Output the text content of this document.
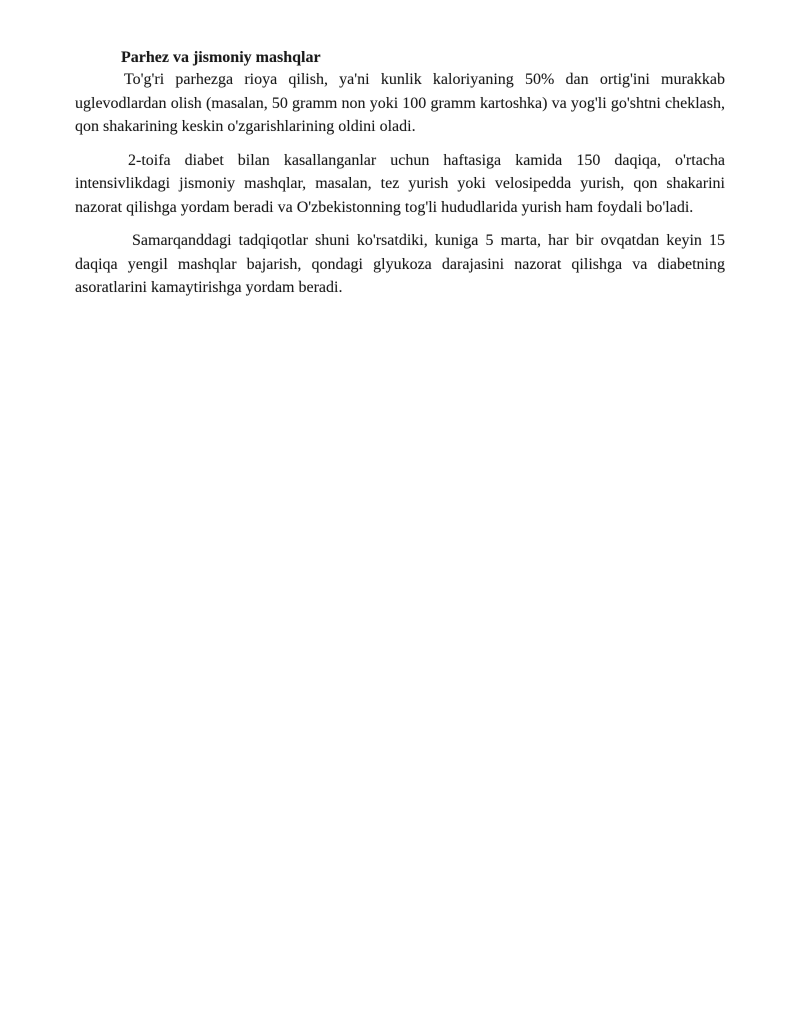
Parhez va jismoniy mashqlar

To'g'ri parhezga rioya qilish, ya'ni kunlik kaloriyaning 50% dan ortig'ini murakkab uglevodlardan olish (masalan, 50 gramm non yoki 100 gramm kartoshka) va yog'li go'shtni cheklash, qon shakarining keskin o'zgarishlarining oldini oladi.

2-toifa diabet bilan kasallanganlar uchun haftasiga kamida 150 daqiqa, o'rtacha intensivlikdagi jismoniy mashqlar, masalan, tez yurish yoki velosipedda yurish, qon shakarini nazorat qilishga yordam beradi va O'zbekistonning tog'li hududlarida yurish ham foydali bo'ladi.

Samarqanddagi tadqiqotlar shuni ko'rsatdiki, kuniga 5 marta, har bir ovqatdan keyin 15 daqiqa yengil mashqlar bajarish, qondagi glyukoza darajasini nazorat qilishga va diabetning asoratlarini kamaytirishga yordam beradi.
